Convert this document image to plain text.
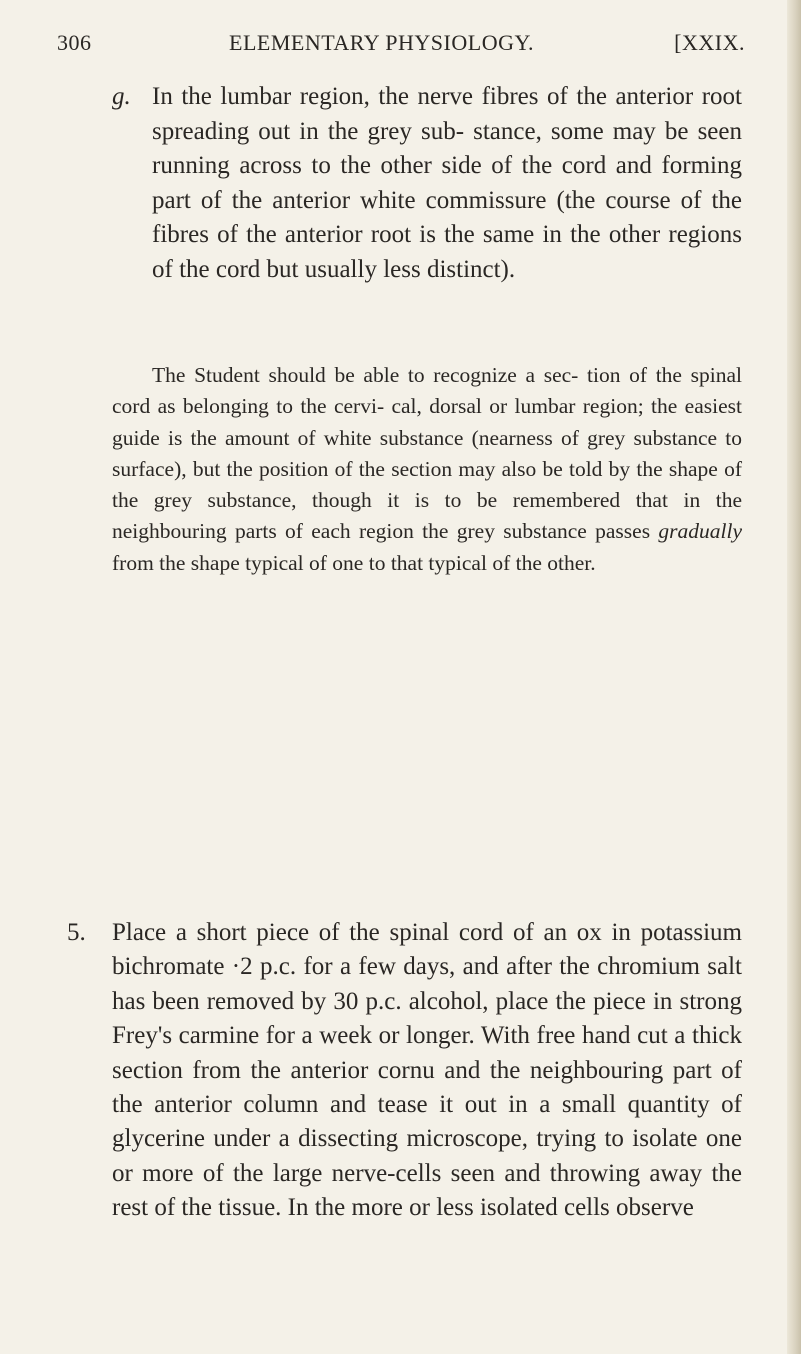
306	ELEMENTARY PHYSIOLOGY.	[XXIX.

g. In the lumbar region, the nerve fibres of the anterior root spreading out in the grey sub- stance, some may be seen running across to the other side of the cord and forming part of the anterior white commissure (the course of the fibres of the anterior root is the same in the other regions of the cord but usually less distinct).

The Student should be able to recognize a sec- tion of the spinal cord as belonging to the cervi- cal, dorsal or lumbar region; the easiest guide is the amount of white substance (nearness of grey substance to surface), but the position of the section may also be told by the shape of the grey substance, though it is to be remembered that in the neighbouring parts of each region the grey substance passes gradually from the shape typical of one to that typical of the other.

5. Place a short piece of the spinal cord of an ox in potassium bichromate ·2 p.c. for a few days, and after the chromium salt has been removed by 30 p.c. alcohol, place the piece in strong Frey's carmine for a week or longer. With free hand cut a thick section from the anterior cornu and the neighbouring part of the anterior column and tease it out in a small quantity of glycerine under a dissecting microscope, trying to isolate one or more of the large nerve-cells seen and throwing away the rest of the tissue. In the more or less isolated cells observe
